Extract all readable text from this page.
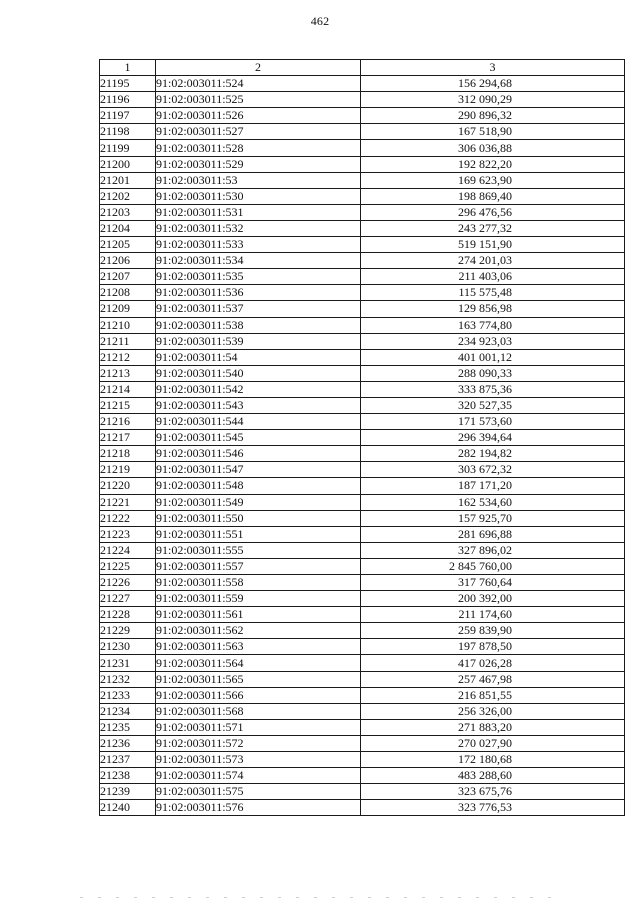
462
1	2	3
21195	91:02:003011:524	156 294,68
21196	91:02:003011:525	312 090,29
21197	91:02:003011:526	290 896,32
21198	91:02:003011:527	167 518,90
21199	91:02:003011:528	306 036,88
21200	91:02:003011:529	192 822,20
21201	91:02:003011:53	169 623,90
21202	91:02:003011:530	198 869,40
21203	91:02:003011:531	296 476,56
21204	91:02:003011:532	243 277,32
21205	91:02:003011:533	519 151,90
21206	91:02:003011:534	274 201,03
21207	91:02:003011:535	211 403,06
21208	91:02:003011:536	115 575,48
21209	91:02:003011:537	129 856,98
21210	91:02:003011:538	163 774,80
21211	91:02:003011:539	234 923,03
21212	91:02:003011:54	401 001,12
21213	91:02:003011:540	288 090,33
21214	91:02:003011:542	333 875,36
21215	91:02:003011:543	320 527,35
21216	91:02:003011:544	171 573,60
21217	91:02:003011:545	296 394,64
21218	91:02:003011:546	282 194,82
21219	91:02:003011:547	303 672,32
21220	91:02:003011:548	187 171,20
21221	91:02:003011:549	162 534,60
21222	91:02:003011:550	157 925,70
21223	91:02:003011:551	281 696,88
21224	91:02:003011:555	327 896,02
21225	91:02:003011:557	2 845 760,00
21226	91:02:003011:558	317 760,64
21227	91:02:003011:559	200 392,00
21228	91:02:003011:561	211 174,60
21229	91:02:003011:562	259 839,90
21230	91:02:003011:563	197 878,50
21231	91:02:003011:564	417 026,28
21232	91:02:003011:565	257 467,98
21233	91:02:003011:566	216 851,55
21234	91:02:003011:568	256 326,00
21235	91:02:003011:571	271 883,20
21236	91:02:003011:572	270 027,90
21237	91:02:003011:573	172 180,68
21238	91:02:003011:574	483 288,60
21239	91:02:003011:575	323 675,76
21240	91:02:003011:576	323 776,53
